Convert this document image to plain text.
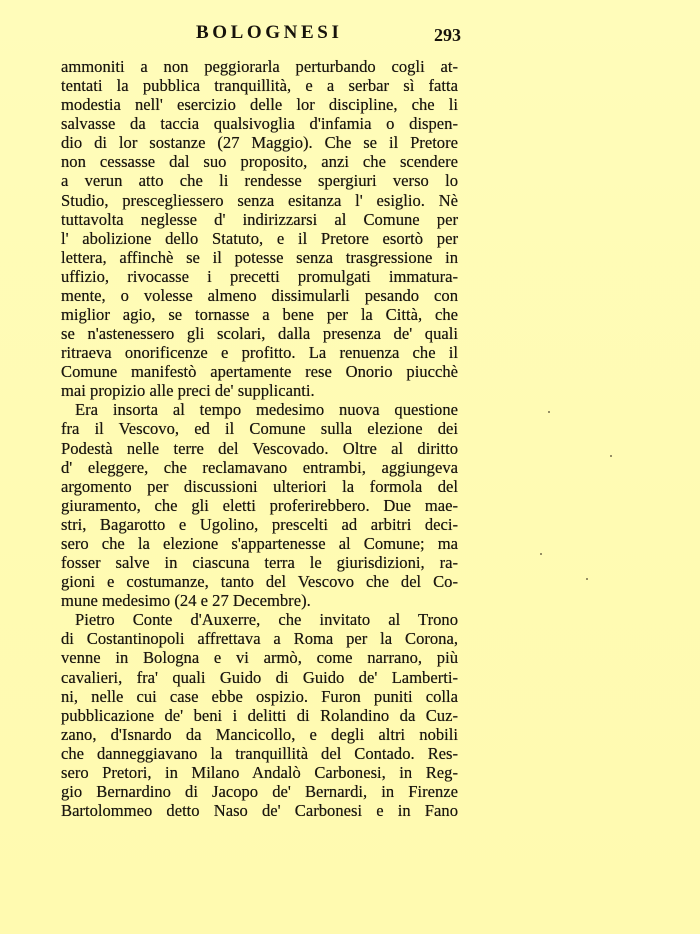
BOLOGNESI	293
ammoniti a non peggiorarla perturbando cogli at-
tentati la pubblica tranquillità, e a serbar sì fatta
modestia nell' esercizio delle lor discipline, che li
salvasse da taccia qualsivoglia d'infamia o dispen-
dio di lor sostanze (27 Maggio). Che se il Pretore
non cessasse dal suo proposito, anzi che scendere
a verun atto che li rendesse spergiuri verso lo
Studio, prescegliessero senza esitanza l' esiglio. Nè
tuttavolta neglesse d' indirizzarsi al Comune per
l' abolizione dello Statuto, e il Pretore esortò per
lettera, affinchè se il potesse senza trasgressione in
uffizio, rivocasse i precetti promulgati immatura-
mente, o volesse almeno dissimularli pesando con
miglior agio, se tornasse a bene per la Città, che
se n'astenessero gli scolari, dalla presenza de' quali
ritraeva onorificenze e profitto. La renuenza che il
Comune manifestò apertamente rese Onorio piucchè
mai propizio alle preci de' supplicanti.
Era insorta al tempo medesimo nuova questione
fra il Vescovo, ed il Comune sulla elezione dei
Podestà nelle terre del Vescovado. Oltre al diritto
d' eleggere, che reclamavano entrambi, aggiungeva
argomento per discussioni ulteriori la formola del
giuramento, che gli eletti proferirebbero. Due mae-
stri, Bagarotto e Ugolino, prescelti ad arbitri deci-
sero che la elezione s'appartenesse al Comune; ma
fosser salve in ciascuna terra le giurisdizioni, ra-
gioni e costumanze, tanto del Vescovo che del Co-
mune medesimo (24 e 27 Decembre).
Pietro Conte d'Auxerre, che invitato al Trono
di Costantinopoli affrettava a Roma per la Corona,
venne in Bologna e vi armò, come narrano, più
cavalieri, fra' quali Guido di Guido de' Lamberti-
ni, nelle cui case ebbe ospizio. Furon puniti colla
pubblicazione de' beni i delitti di Rolandino da Cuz-
zano, d'Isnardo da Mancicollo, e degli altri nobili
che danneggiavano la tranquillità del Contado. Res-
sero Pretori, in Milano Andalò Carbonesi, in Reg-
gio Bernardino di Jacopo de' Bernardi, in Firenze
Bartolommeo detto Naso de' Carbonesi e in Fano
